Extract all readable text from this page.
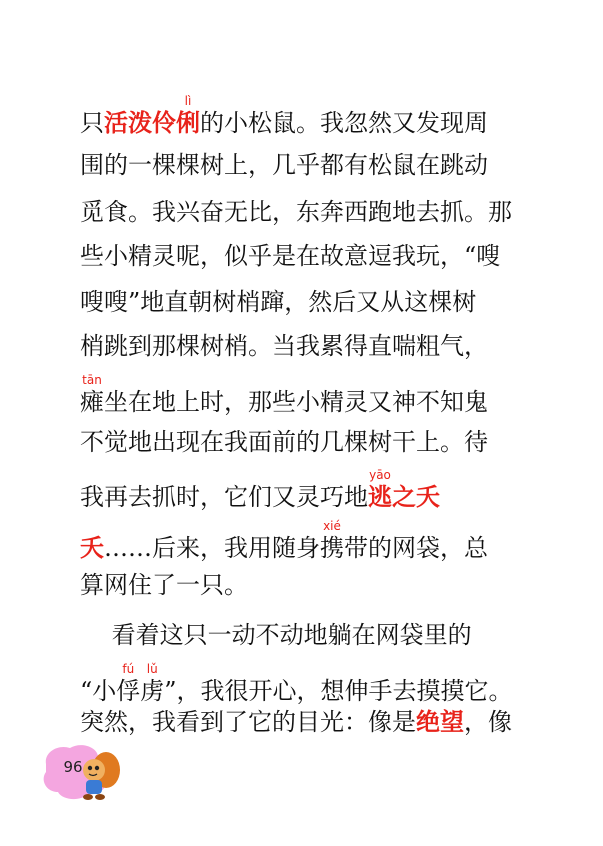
只活泼伶
lì
俐 的小松鼠。我忽然又发现周
围的一棵棵树上，几乎都有松鼠在跳动
觅食。我兴奋无比，东奔西跑地去抓。那
些小精灵呢，似乎是在故意逗我玩，“嗖
嗖嗖”地直朝树梢蹿，然后又从这棵树
梢跳到那棵树梢。当我累得直喘粗气，
tān
瘫 坐在地上时，那些小精灵又神不知鬼
不觉地出现在我面前的几棵树干上。待
我再去抓时，它们又灵巧地
yāo
逃 之夭
夭……后来，我用随身
xié
携 带的网袋，总
算网住了一只。
　 看着这只一动不动地躺在网袋里的
“小
fú
俘
lǔ
虏 ”，我很开心，想伸手去摸摸它。
突然，我看到了它的目光：像是绝望，像
96
